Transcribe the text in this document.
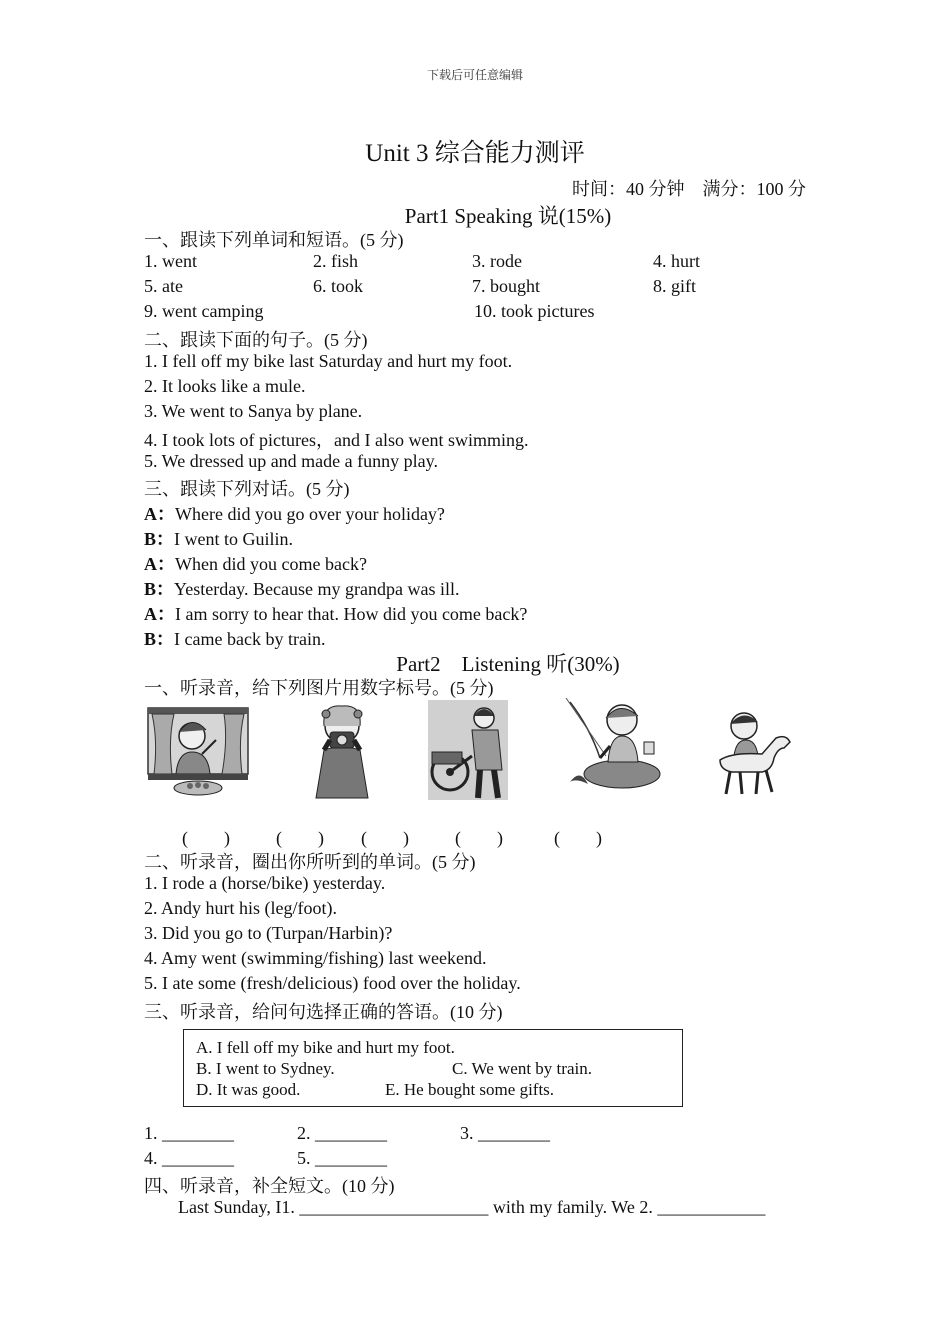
下载后可任意编辑
Unit 3 综合能力测评
时间：40 分钟　满分：100 分
Part1 Speaking 说(15%)
一、跟读下列单词和短语。(5 分)
1. went	2. fish	3. rode	4. hurt
5. ate	6. took	7. bought	8. gift
9. went camping	10. took pictures
二、跟读下面的句子。(5 分)
1. I fell off my bike last Saturday and hurt my foot.
2. It looks like a mule.
3. We went to Sanya by plane.
4. I took lots of pictures，and I also went swimming.
5. We dressed up and made a funny play.
三、跟读下列对话。(5 分)
A：Where did you go over your holiday?
B：I went to Guilin.
A：When did you come back?
B：Yesterday. Because my grandpa was ill.
A：I am sorry to hear that. How did you come back?
B：I came back by train.
Part2　Listening 听(30%)
一、听录音，给下列图片用数字标号。(5 分)
(　　)	(　　) (　　)	(　　)	(　　)
二、听录音，圈出你所听到的单词。(5 分)
1. I rode a (horse/bike) yesterday.
2. Andy hurt his (leg/foot).
3. Did you go to (Turpan/Harbin)?
4. Amy went (swimming/fishing) last weekend.
5. I ate some (fresh/delicious) food over the holiday.
三、听录音，给问句选择正确的答语。(10 分)
A. I fell off my bike and hurt my foot.
B. I went to Sydney.	C. We went by train.
D. It was good.	E. He bought some gifts.
1. ________	2. ________	3. ________
4. ________	5. ________
四、听录音，补全短文。(10 分)
Last Sunday, I1. _____________________ with my family. We 2. ____________
